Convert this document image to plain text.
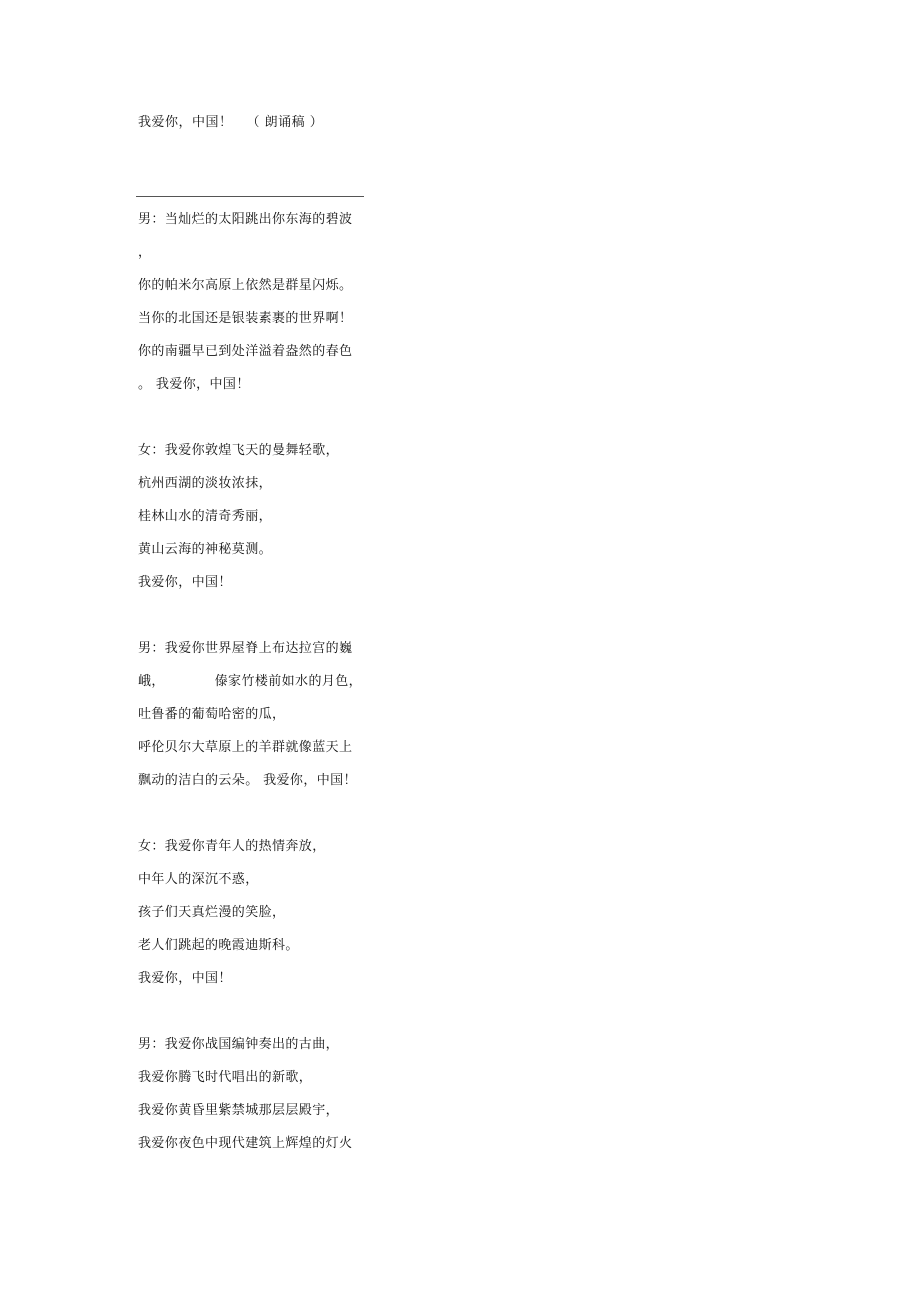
我爱你，中国！ （ 朗诵稿 ）
男：当灿烂的太阳跳出你东海的碧波
，
你的帕米尔高原上依然是群星闪烁。
当你的北国还是银装素裹的世界啊！
你的南疆早已到处洋溢着盎然的春色
。 我爱你，中国！
女：我爱你敦煌飞天的曼舞轻歌，
杭州西湖的淡妆浓抹，
桂林山水的清奇秀丽，
黄山云海的神秘莫测。
我爱你，中国！
男：我爱你世界屋脊上布达拉宫的巍
峨，           傣家竹楼前如水的月色，
吐鲁番的葡萄哈密的瓜，
呼伦贝尔大草原上的羊群就像蓝天上
飘动的洁白的云朵。 我爱你，中国！
女：我爱你青年人的热情奔放，
中年人的深沉不惑，
孩子们天真烂漫的笑脸，
老人们跳起的晚霞迪斯科。
我爱你，中国！
男：我爱你战国编钟奏出的古曲，
我爱你腾飞时代唱出的新歌，
我爱你黄昏里紫禁城那层层殿宇，
我爱你夜色中现代建筑上辉煌的灯火
